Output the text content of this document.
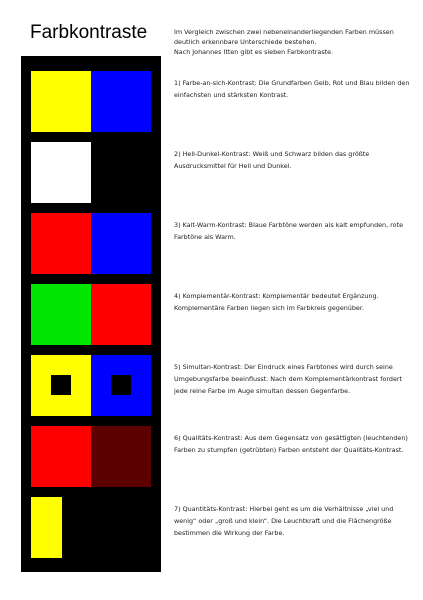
Farbkontraste	Im Vergleich zwischen zwei nebeneinanderliegenden Farben müssen

deutlich erkennbare Unterschiede bestehen.

Nach Johannes Itten gibt es sieben Farbkontraste.

1) Farbe-an-sich-Kontrast: Die Grundfarben Gelb, Rot und Blau bilden den einfachsten und stärksten Kontrast.

2) Hell-Dunkel-Kontrast: Weiß und Schwarz bilden das größte Ausdrucksmittel für Hell und Dunkel.

3) Kalt-Warm-Kontrast: Blaue Farbtöne werden als kalt empfunden, rote Farbtöne als Warm.

4) Komplementär-Kontrast: Komplementär bedeutet Ergänzung. Komplementäre Farben liegen sich im Farbkreis gegenüber.

5) Simultan-Kontrast: Der Eindruck eines Farbtones wird durch seine Umgebungsfarbe beeinflusst. Nach dem Komplementärkontrast fordert jede reine Farbe im Auge simultan dessen Gegenfarbe.

6) Qualitäts-Kontrast: Aus dem Gegensatz von gesättigten (leuchtenden) Farben zu stumpfen (getrübten) Farben entsteht der Qualitäts-Kontrast.

7) Quantitäts-Kontrast: Hierbei geht es um die Verhältnisse „viel und wenig“ oder „groß und klein“. Die Leuchtkraft und die Flächengröße bestimmen die Wirkung der Farbe.
